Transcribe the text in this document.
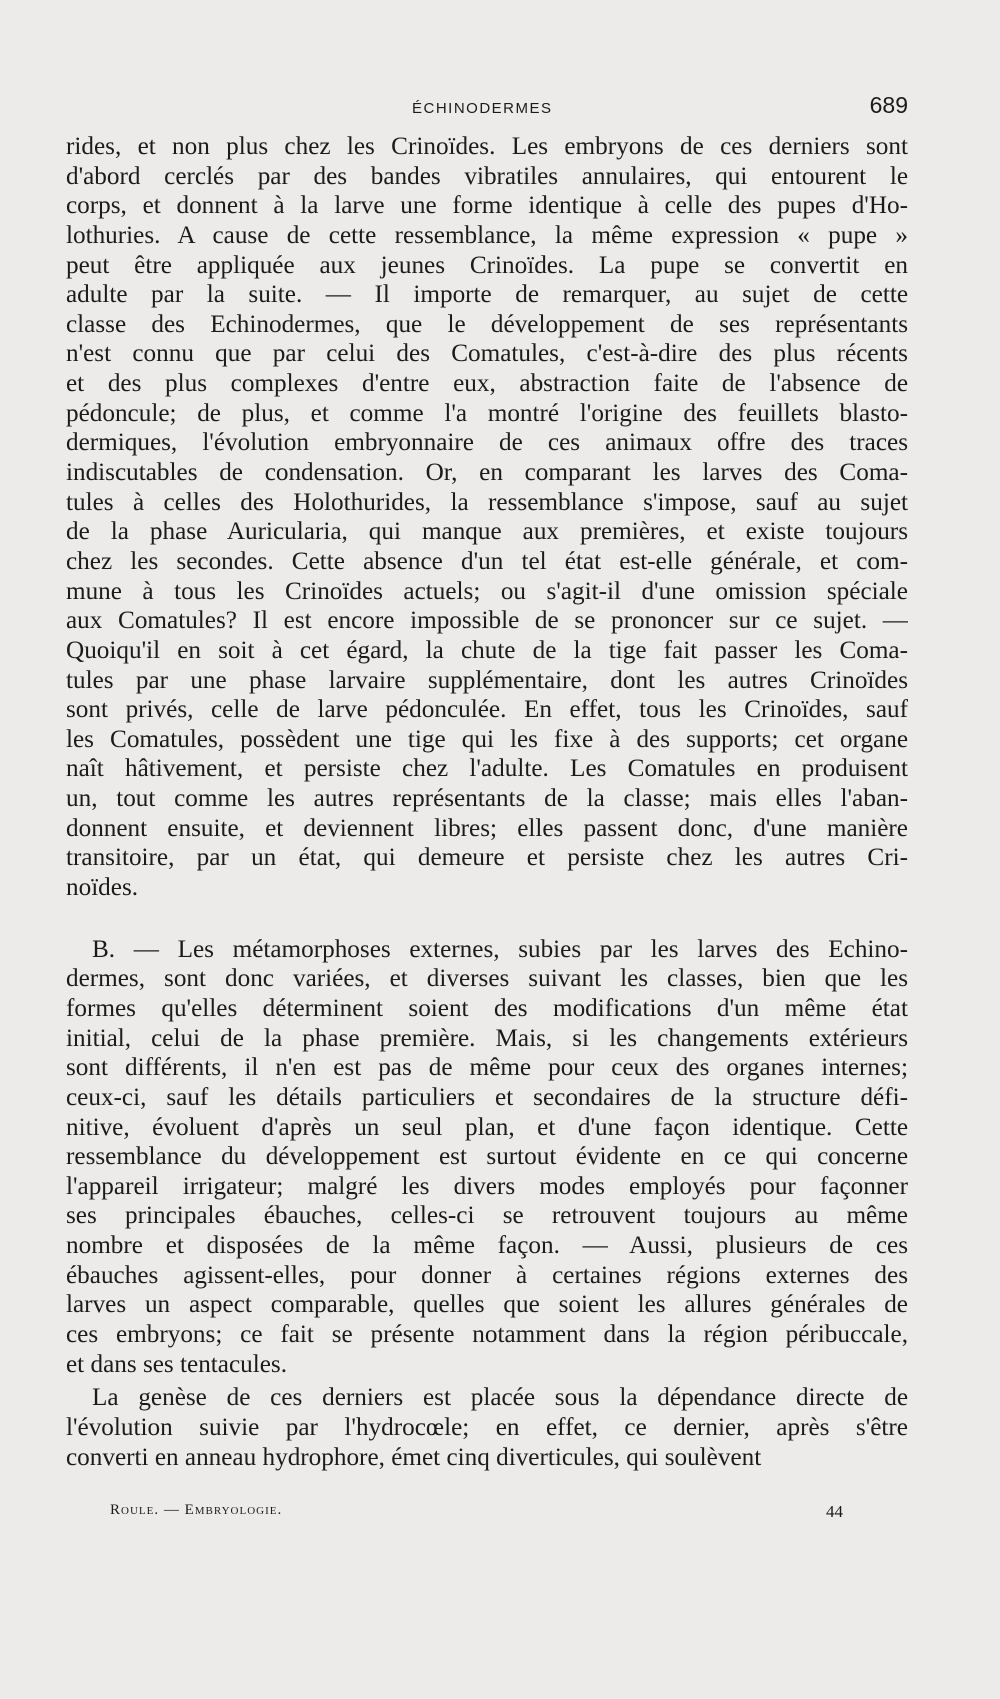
ÉCHINODERMES	689
rides, et non plus chez les Crinoïdes. Les embryons de ces derniers sont
d'abord cerclés par des bandes vibratiles annulaires, qui entourent le
corps, et donnent à la larve une forme identique à celle des pupes d'Ho-
lothuries. A cause de cette ressemblance, la même expression « pupe »
peut être appliquée aux jeunes Crinoïdes. La pupe se convertit en
adulte par la suite. — Il importe de remarquer, au sujet de cette
classe des Echinodermes, que le développement de ses représentants
n'est connu que par celui des Comatules, c'est-à-dire des plus récents
et des plus complexes d'entre eux, abstraction faite de l'absence de
pédoncule; de plus, et comme l'a montré l'origine des feuillets blasto-
dermiques, l'évolution embryonnaire de ces animaux offre des traces
indiscutables de condensation. Or, en comparant les larves des Coma-
tules à celles des Holothurides, la ressemblance s'impose, sauf au sujet
de la phase Auricularia, qui manque aux premières, et existe toujours
chez les secondes. Cette absence d'un tel état est-elle générale, et com-
mune à tous les Crinoïdes actuels; ou s'agit-il d'une omission spéciale
aux Comatules? Il est encore impossible de se prononcer sur ce sujet. —
Quoiqu'il en soit à cet égard, la chute de la tige fait passer les Coma-
tules par une phase larvaire supplémentaire, dont les autres Crinoïdes
sont privés, celle de larve pédonculée. En effet, tous les Crinoïdes, sauf
les Comatules, possèdent une tige qui les fixe à des supports; cet organe
naît hâtivement, et persiste chez l'adulte. Les Comatules en produisent
un, tout comme les autres représentants de la classe; mais elles l'aban-
donnent ensuite, et deviennent libres; elles passent donc, d'une manière
transitoire, par un état, qui demeure et persiste chez les autres Cri-
noïdes.
B. — Les métamorphoses externes, subies par les larves des Echino-
dermes, sont donc variées, et diverses suivant les classes, bien que les
formes qu'elles déterminent soient des modifications d'un même état
initial, celui de la phase première. Mais, si les changements extérieurs
sont différents, il n'en est pas de même pour ceux des organes internes;
ceux-ci, sauf les détails particuliers et secondaires de la structure défi-
nitive, évoluent d'après un seul plan, et d'une façon identique. Cette
ressemblance du développement est surtout évidente en ce qui concerne
l'appareil irrigateur; malgré les divers modes employés pour façonner
ses principales ébauches, celles-ci se retrouvent toujours au même
nombre et disposées de la même façon. — Aussi, plusieurs de ces
ébauches agissent-elles, pour donner à certaines régions externes des
larves un aspect comparable, quelles que soient les allures générales de
ces embryons; ce fait se présente notamment dans la région péribuccale,
et dans ses tentacules.
La genèse de ces derniers est placée sous la dépendance directe de
l'évolution suivie par l'hydrocœle; en effet, ce dernier, après s'être
converti en anneau hydrophore, émet cinq diverticules, qui soulèvent
Roule. — Embryologie.	44
